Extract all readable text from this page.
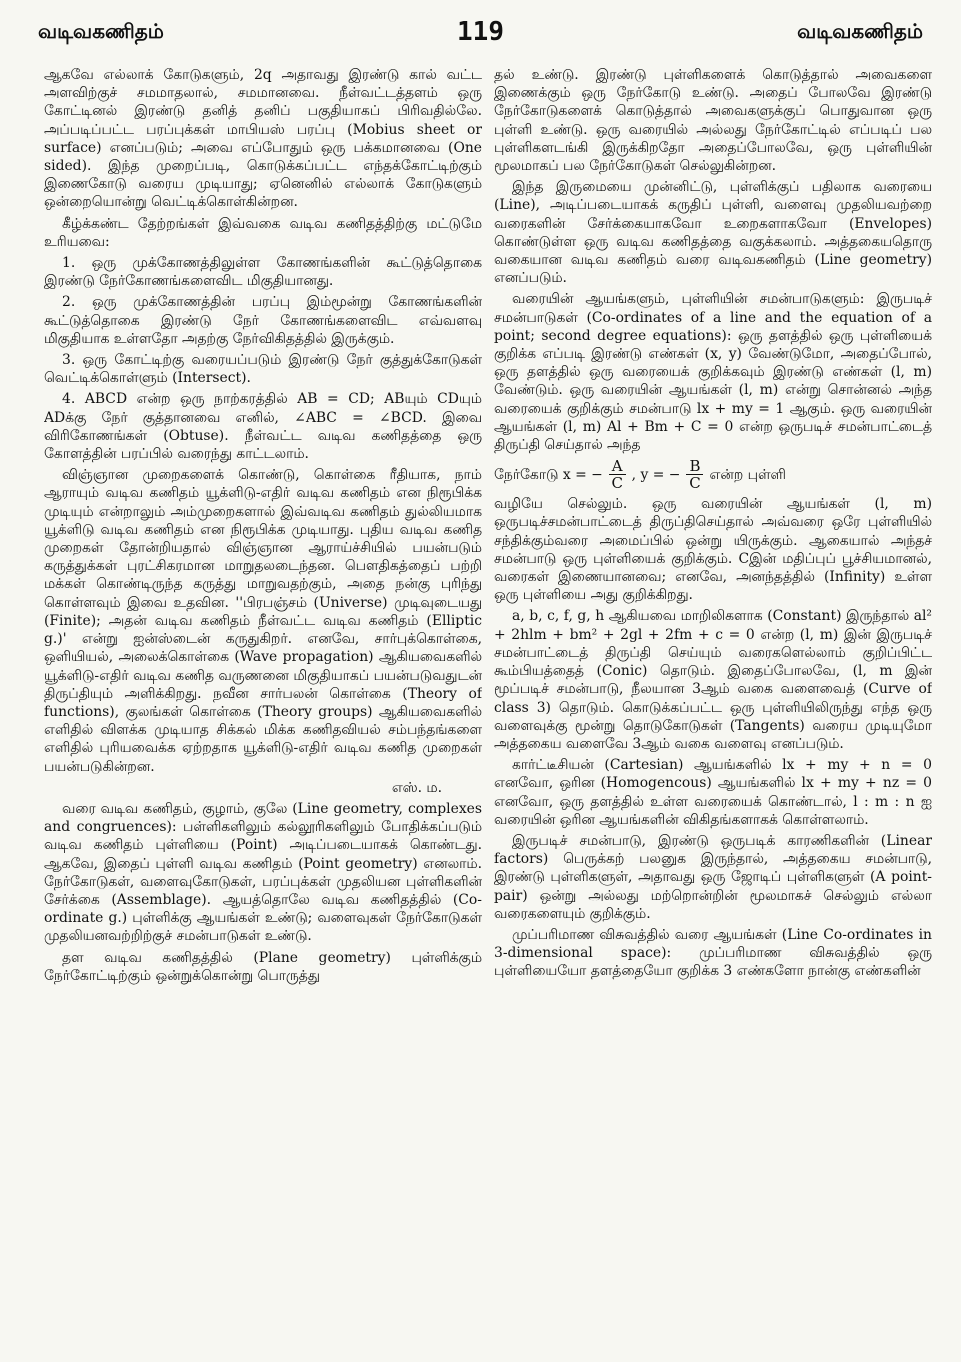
வடிவகணிதம்	119	வடிவகணிதம்

ஆகவே எல்லாக் கோடுகளும், 2q அதாவது இரண்டு கால் வட்ட அளவிற்குச் சமமாதலால், சமமானவை. நீள்வட்டத்தளம் ஒரு கோட்டினல் இரண்டு தனித் தனிப் பகுதியாகப் பிரிவதில்லே. அப்படிப்பட்ட பரப்புக்கள் மாபியஸ் பரப்பு (Mobius sheet or surface) எனப்படும்; அவை எப்போதும் ஒரு பக்கமானவை (One sided). இந்த முறைப்படி, கொடுக்கப்பட்ட எந்தக்கோட்டிற்கும் இணைகோடு வரைய முடியாது; ஏனெனில் எல்லாக் கோடுகளும் ஒன்றையொன்று வெட்டிக்கொள்கின்றன.

கீழ்க்கண்ட தேற்றங்கள் இவ்வகை வடிவ கணிதத்திற்கு மட்டுமே உரியவை:

1. ஒரு முக்கோணத்திலுள்ள கோணங்களின் கூட்டுத்தொகை இரண்டு நேர்கோணங்களைவிட மிகுதியானது.

2. ஒரு முக்கோணத்தின் பரப்பு இம்மூன்று கோணங்களின் கூட்டுத்தொகை இரண்டு நேர் கோணங்களைவிட எவ்வளவு மிகுதியாக உள்ளதோ அதற்கு நேர்விகிதத்தில் இருக்கும்.

3. ஒரு கோட்டிற்கு வரையப்படும் இரண்டு நேர் குத்துக்கோடுகள் வெட்டிக்கொள்ளும் (Intersect).

4. ABCD என்ற ஒரு நாற்கரத்தில் AB = CD; ABயும் CDயும் ADக்கு நேர் குத்தானவை எனில், ∠ABC = ∠BCD. இவை விரிகோணங்கள் (Obtuse). நீள்வட்ட வடிவ கணிதத்தை ஒரு கோளத்தின் பரப்பில் வரைந்து காட்டலாம்.

விஞ்ஞான முறைகளைக் கொண்டு, கொள்கை ரீதியாக, நாம் ஆராயும் வடிவ கணிதம் யூக்ளிடு-எதிர் வடிவ கணிதம் என நிரூபிக்க முடியும் என்றாலும் அம்முறைகளால் இவ்வடிவ கணிதம் துல்லியமாக யூக்ளிடு வடிவ கணிதம் என நிரூபிக்க முடியாது. புதிய வடிவ கணித முறைகள் தோன்றியதால் விஞ்ஞான ஆராய்ச்சியில் பயன்படும் கருத்துக்கள் புரட்சிகரமான மாறுதலடைந்தன. பௌதிகத்தைப் பற்றி மக்கள் கொண்டிருந்த கருத்து மாறுவதற்கும், அதை நன்கு புரிந்து கொள்ளவும் இவை உதவின. ''பிரபஞ்சம் (Universe) முடிவுடையது (Finite); அதன் வடிவ கணிதம் நீள்வட்ட வடிவ கணிதம் (Elliptic g.)' என்று ஐன்ஸ்டைன் கருதுகிறர். எனவே, சார்புக்கொள்கை, ஒளியியல், அலைக்கொள்கை (Wave propagation) ஆகியவைகளில் யூக்ளிடு-எதிர் வடிவ கணித வருணனை மிகுதியாகப் பயன்படுவதுடன் திருப்தியும் அளிக்கிறது. நவீன சார்பலன் கொள்கை (Theory of functions), குலங்கள் கொள்கை (Theory groups) ஆகியவைகளில் எளிதில் விளக்க முடியாத சிக்கல் மிக்க கணிதவியல் சம்பந்தங்களை எளிதில் புரியவைக்க ஏற்றதாக யூக்ளிடு-எதிர் வடிவ கணித முறைகள் பயன்படுகின்றன.

எஸ். ம.

வரை வடிவ கணிதம், குழாம், குலே (Line geometry, complexes and congruences): பள்ளிகளிலும் கல்லூரிகளிலும் போதிக்கப்படும் வடிவ கணிதம் புள்ளியை (Point) அடிப்படையாகக் கொண்டது. ஆகவே, இதைப் புள்ளி வடிவ கணிதம் (Point geometry) எனலாம். நேர்கோடுகள், வளைவுகோடுகள், பரப்புக்கள் முதலியன புள்ளிகளின் சேர்க்கை (Assemblage). ஆயத்தொலே வடிவ கணிதத்தில் (Co-ordinate g.) புள்ளிக்கு ஆயங்கள் உண்டு; வளைவுகள் நேர்கோடுகள் முதலியனவற்றிற்குச் சமன்பாடுகள் உண்டு.

தள வடிவ கணிதத்தில் (Plane geometry) புள்ளிக்கும் நேர்கோட்டிற்கும் ஒன்றுக்கொன்று பொருத்து

தல் உண்டு. இரண்டு புள்ளிகளைக் கொடுத்தால் அவைகளை இணைக்கும் ஒரு நேர்கோடு உண்டு. அதைப் போலவே இரண்டு நேர்கோடுகளைக் கொடுத்தால் அவைகளுக்குப் பொதுவான ஒரு புள்ளி உண்டு. ஒரு வரையில் அல்லது நேர்கோட்டில் எப்படிப் பல புள்ளிகளடங்கி இருக்கிறதோ அதைப்போலவே, ஒரு புள்ளியின் மூலமாகப் பல நேர்கோடுகள் செல்லுகின்றன.

இந்த இருமையை முன்னிட்டு, புள்ளிக்குப் பதிலாக வரையை (Line), அடிப்படையாகக் கருதிப் புள்ளி, வளைவு முதலியவற்றை வரைகளின் சேர்க்கையாகவோ உறைகளாகவோ (Envelopes) கொண்டுள்ள ஒரு வடிவ கணிதத்தை வகுக்கலாம். அத்தகையதொரு வகையான வடிவ கணிதம் வரை வடிவகணிதம் (Line geometry) எனப்படும்.

வரையின் ஆயங்களும், புள்ளியின் சமன்பாடுகளும்: இருபடிச் சமன்பாடுகள் (Co-ordinates of a line and the equation of a point; second degree equations): ஒரு தளத்தில் ஒரு புள்ளியைக் குறிக்க எப்படி இரண்டு எண்கள் (x, y) வேண்டுமோ, அதைப்போல், ஒரு தளத்தில் ஒரு வரையைக் குறிக்கவும் இரண்டு எண்கள் (l, m) வேண்டும். ஒரு வரையின் ஆயங்கள் (l, m) என்று சொன்னல் அந்த வரையைக் குறிக்கும் சமன்பாடு lx + my = 1 ஆகும். ஒரு வரையின் ஆயங்கள் (l, m) Al + Bm + C = 0 என்ற ஒருபடிச் சமன்பாட்டைத் திருப்தி செய்தால் அந்த

நேர்கோடு x = − $\frac{A}{C}$ , y = − $\frac{B}{C}$ என்ற புள்ளி

வழியே செல்லும். ஒரு வரையின் ஆயங்கள் (l, m) ஒருபடிச்சமன்பாட்டைத் திருப்திசெய்தால் அவ்வரை ஒரே புள்ளியில் சந்திக்கும்வரை அமைப்பில் ஒன்று யிருக்கும். ஆகையால் அந்தச் சமன்பாடு ஒரு புள்ளியைக் குறிக்கும். Cஇன் மதிப்புப் பூச்சியமானல், வரைகள் இணையானவை; எனவே, அனந்தத்தில் (Infinity) உள்ள ஒரு புள்ளியை அது குறிக்கிறது.

a, b, c, f, g, h ஆகியவை மாறிலிகளாக (Constant) இருந்தால் al² + 2hlm + bm² + 2gl + 2fm + c = 0 என்ற (l, m) இன் இருபடிச் சமன்பாட்டைத் திருப்தி செய்யும் வரைகளெல்லாம் குறிப்பிட்ட கூம்பியத்தைத் (Conic) தொடும். இதைப்போலவே, (l, m இன் மூப்படிச் சமன்பாடு, நீலயான 3ஆம் வகை வளைவைத் (Curve of class 3) தொடும். கொடுக்கப்பட்ட ஒரு புள்ளியிலிருந்து எந்த ஒரு வளைவுக்கு மூன்று தொடுகோடுகள் (Tangents) வரைய முடியுமோ அத்தகைய வளைவே 3ஆம் வகை வளைவு எனப்படும்.

கார்ட்டீசியன் (Cartesian) ஆயங்களில் lx + my + n = 0 எனவோ, ஒரின (Homogencous) ஆயங்களில் lx + my + nz = 0 எனவோ, ஒரு தளத்தில் உள்ள வரையைக் கொண்டால், l : m : n ஐ வரையின் ஒரின ஆயங்களின் விகிதங்களாகக் கொள்ளலாம்.

இருபடிச் சமன்பாடு, இரண்டு ஒருபடிக் காரணிகளின் (Linear factors) பெருக்கற் பலனுக இருந்தால், அத்தகைய சமன்பாடு, இரண்டு புள்ளிகளுள், அதாவது ஒரு ஜோடிப் புள்ளிகளுள் (A point-pair) ஒன்று அல்லது மற்றொன்றின் மூலமாகச் செல்லும் எல்லா வரைகளையும் குறிக்கும்.

முப்பரிமாண விசுவத்தில் வரை ஆயங்கள் (Line Co-ordinates in 3-dimensional space): முப்பரிமாண விசுவத்தில் ஒரு புள்ளியையோ தளத்தையோ குறிக்க 3 எண்களோ நான்கு எண்களின்
